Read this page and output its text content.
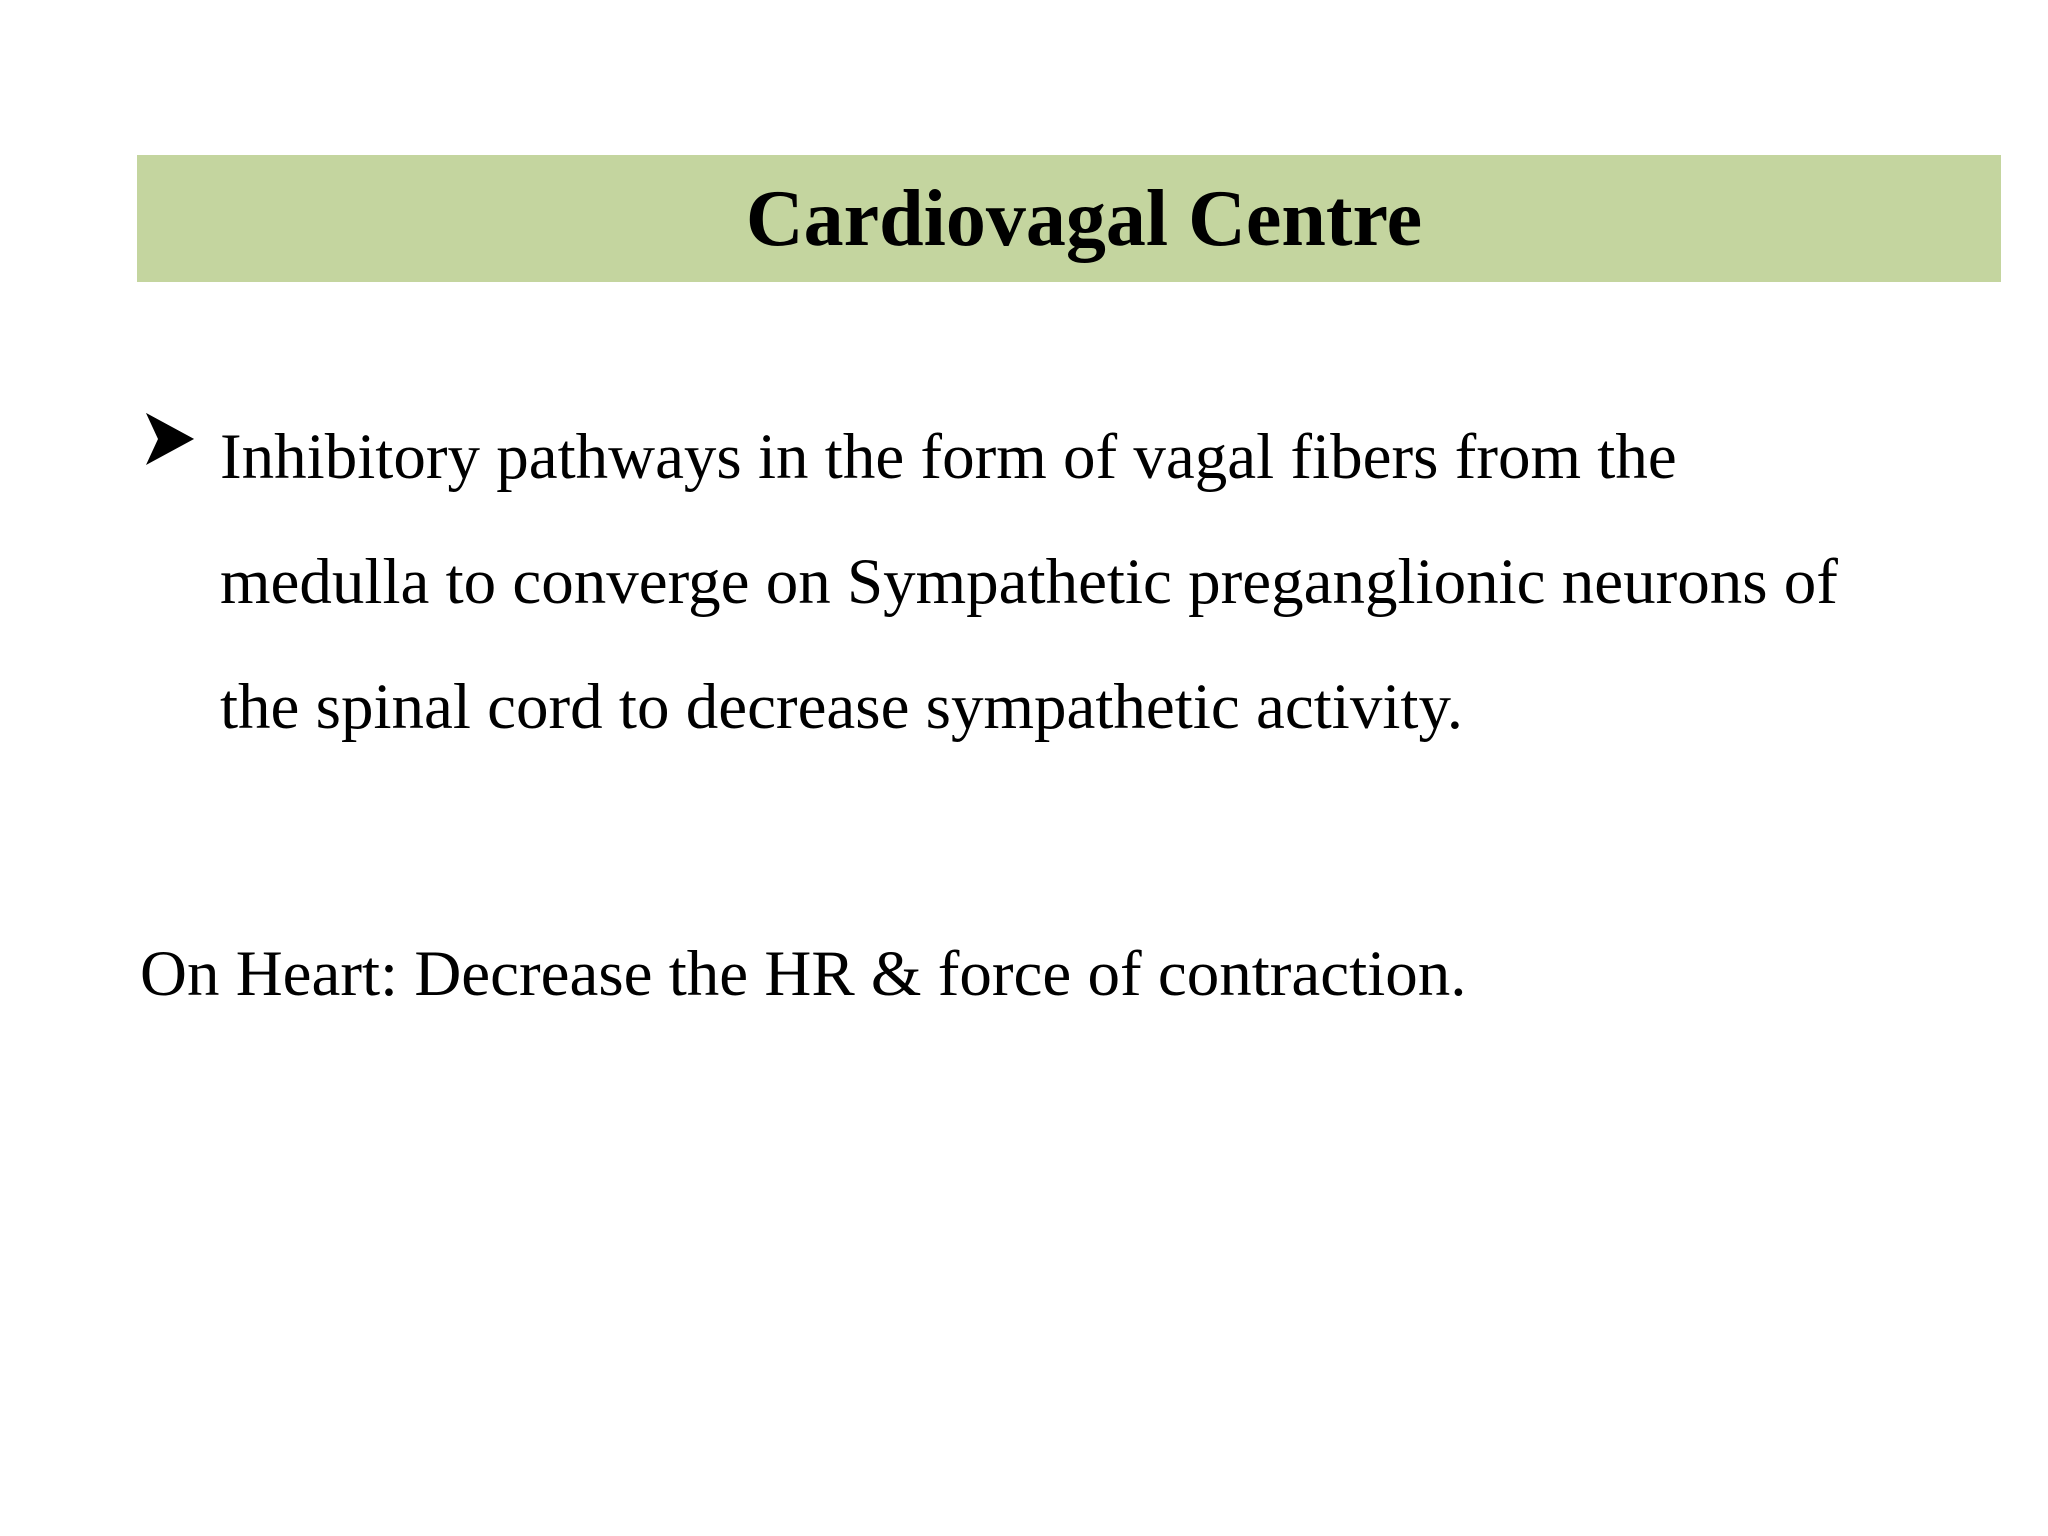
Cardiovagal Centre
Inhibitory pathways in the form of vagal fibers from the
medulla to converge on Sympathetic preganglionic neurons of
the spinal cord to decrease sympathetic activity.
On Heart: Decrease the HR & force of contraction.
